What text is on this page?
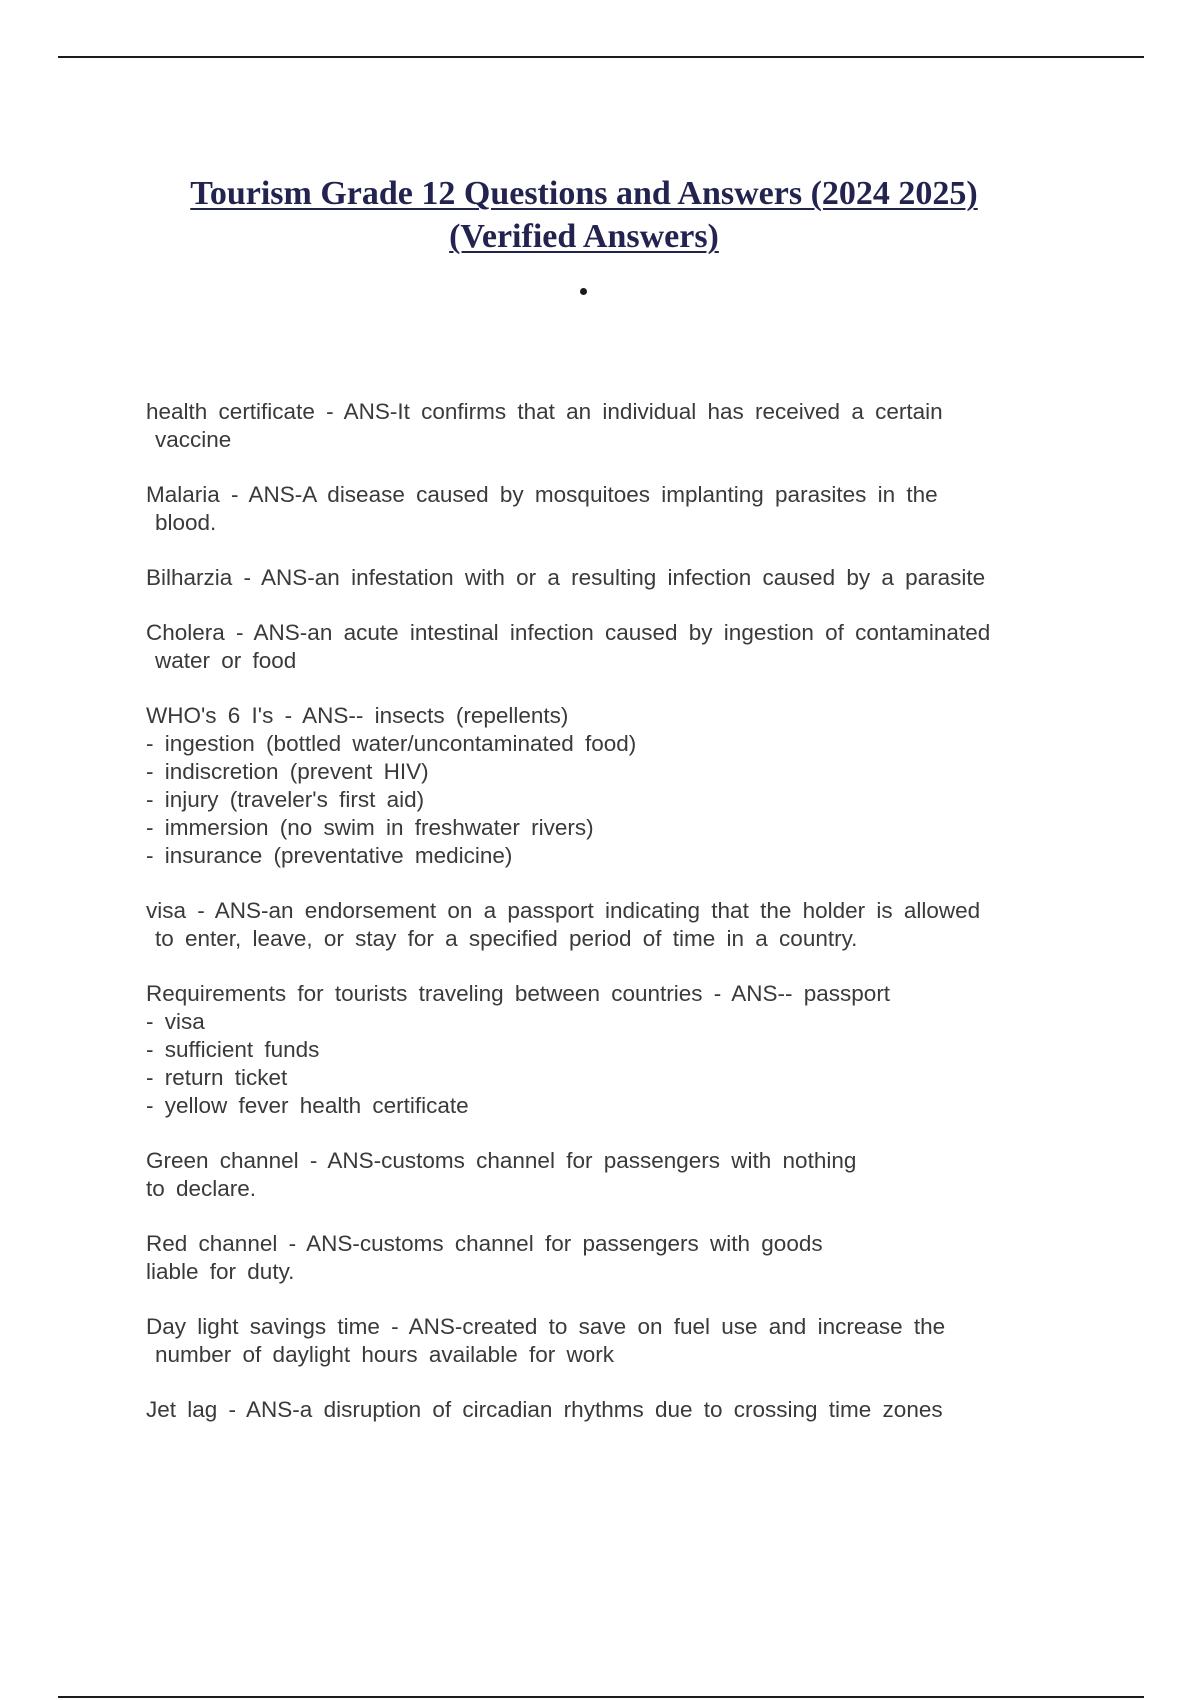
Tourism Grade 12 Questions and Answers (2024 2025)
(Verified Answers)
health certificate - ANS-It confirms that an individual has received a certain
vaccine
Malaria - ANS-A disease caused by mosquitoes implanting parasites in the
blood.
Bilharzia - ANS-an infestation with or a resulting infection caused by a parasite
Cholera - ANS-an acute intestinal infection caused by ingestion of contaminated
water or food
WHO's 6 I's - ANS-- insects (repellents)
- ingestion (bottled water/uncontaminated food)
- indiscretion (prevent HIV)
- injury (traveler's first aid)
- immersion (no swim in freshwater rivers)
- insurance (preventative medicine)
visa - ANS-an endorsement on a passport indicating that the holder is allowed
to enter, leave, or stay for a specified period of time in a country.
Requirements for tourists traveling between countries - ANS-- passport
- visa
- sufficient funds
- return ticket
- yellow fever health certificate
Green channel - ANS-customs channel for passengers with nothing
to declare.
Red channel - ANS-customs channel for passengers with goods
liable for duty.
Day light savings time - ANS-created to save on fuel use and increase the
number of daylight hours available for work
Jet lag - ANS-a disruption of circadian rhythms due to crossing time zones
